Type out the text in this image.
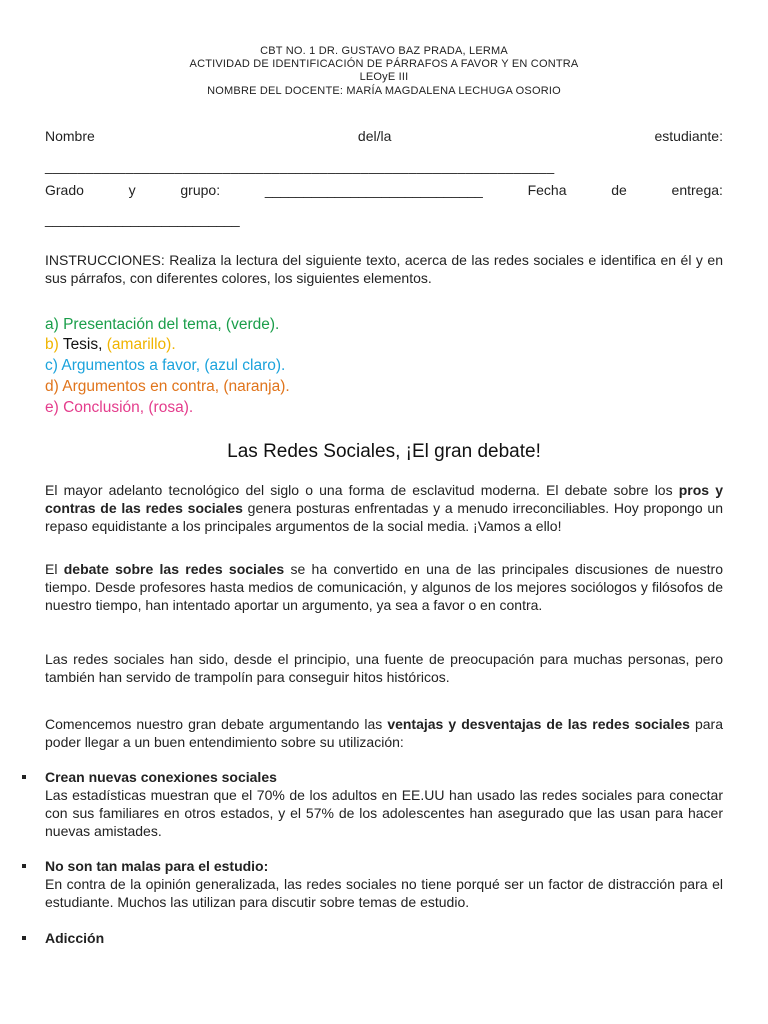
CBT NO. 1 DR. GUSTAVO BAZ PRADA, LERMA
ACTIVIDAD DE IDENTIFICACIÓN DE PÁRRAFOS A FAVOR Y EN CONTRA
LEOyE III
NOMBRE DEL DOCENTE: MARÍA MAGDALENA LECHUGA OSORIO
Nombre	del/la	estudiante:
_______________________________________________________________
Grado	y	grupo:	____________________________	Fecha	de	entrega:
_________________________
INSTRUCCIONES: Realiza la lectura del siguiente texto, acerca de las redes sociales e identifica en él y en sus párrafos, con diferentes colores, los siguientes elementos.
a) Presentación del tema, (verde).
b) Tesis, (amarillo).
c) Argumentos a favor, (azul claro).
d) Argumentos en contra, (naranja).
e) Conclusión, (rosa).
Las Redes Sociales, ¡El gran debate!
El mayor adelanto tecnológico del siglo o una forma de esclavitud moderna. El debate sobre los pros y contras de las redes sociales genera posturas enfrentadas y a menudo irreconciliables. Hoy propongo un repaso equidistante a los principales argumentos de la social media. ¡Vamos a ello!
El debate sobre las redes sociales se ha convertido en una de las principales discusiones de nuestro tiempo. Desde profesores hasta medios de comunicación, y algunos de los mejores sociólogos y filósofos de nuestro tiempo, han intentado aportar un argumento, ya sea a favor o en contra.
Las redes sociales han sido, desde el principio, una fuente de preocupación para muchas personas, pero también han servido de trampolín para conseguir hitos históricos.
Comencemos nuestro gran debate argumentando las ventajas y desventajas de las redes sociales para poder llegar a un buen entendimiento sobre su utilización:
Crean nuevas conexiones sociales
Las estadísticas muestran que el 70% de los adultos en EE.UU han usado las redes sociales para conectar con sus familiares en otros estados, y el 57% de los adolescentes han asegurado que las usan para hacer nuevas amistades.
No son tan malas para el estudio:
En contra de la opinión generalizada, las redes sociales no tiene porqué ser un factor de distracción para el estudiante. Muchos las utilizan para discutir sobre temas de estudio.
Adicción
